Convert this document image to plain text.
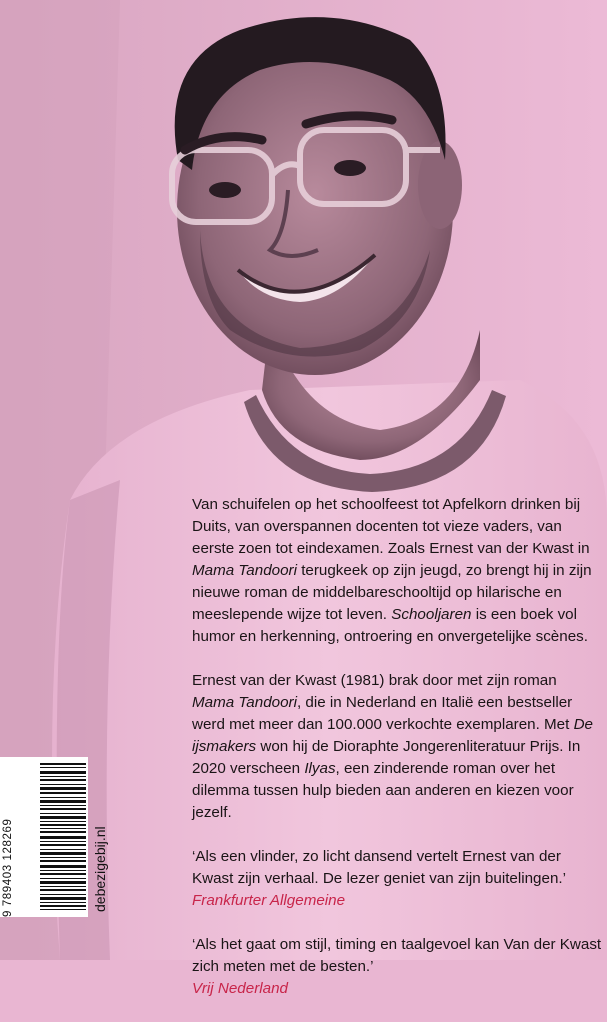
Van schuifelen op het schoolfeest tot Apfelkorn drinken bij Duits, van overspannen docenten tot vieze vaders, van eerste zoen tot eindexamen. Zoals Ernest van der Kwast in Mama Tandoori terugkeek op zijn jeugd, zo brengt hij in zijn nieuwe roman de middelbareschooltijd op hilarische en meeslepende wijze tot leven. Schooljaren is een boek vol humor en herkenning, ontroering en onvergetelijke scènes.

Ernest van der Kwast (1981) brak door met zijn roman Mama Tandoori, die in Nederland en Italië een bestseller werd met meer dan 100.000 verkochte exemplaren. Met De ijsmakers won hij de Dioraphte Jongerenliteratuur Prijs. In 2020 verscheen Ilyas, een zinderende roman over het dilemma tussen hulp bieden aan anderen en kiezen voor jezelf.

‘Als een vlinder, zo licht dansend vertelt Ernest van der Kwast zijn verhaal. De lezer geniet van zijn buitelingen.’ Frankfurter Allgemeine

‘Als het gaat om stijl, timing en taalgevoel kan Van der Kwast zich meten met de besten.’
Vrij Nederland

9 789403 128269	debezigebij.nl
